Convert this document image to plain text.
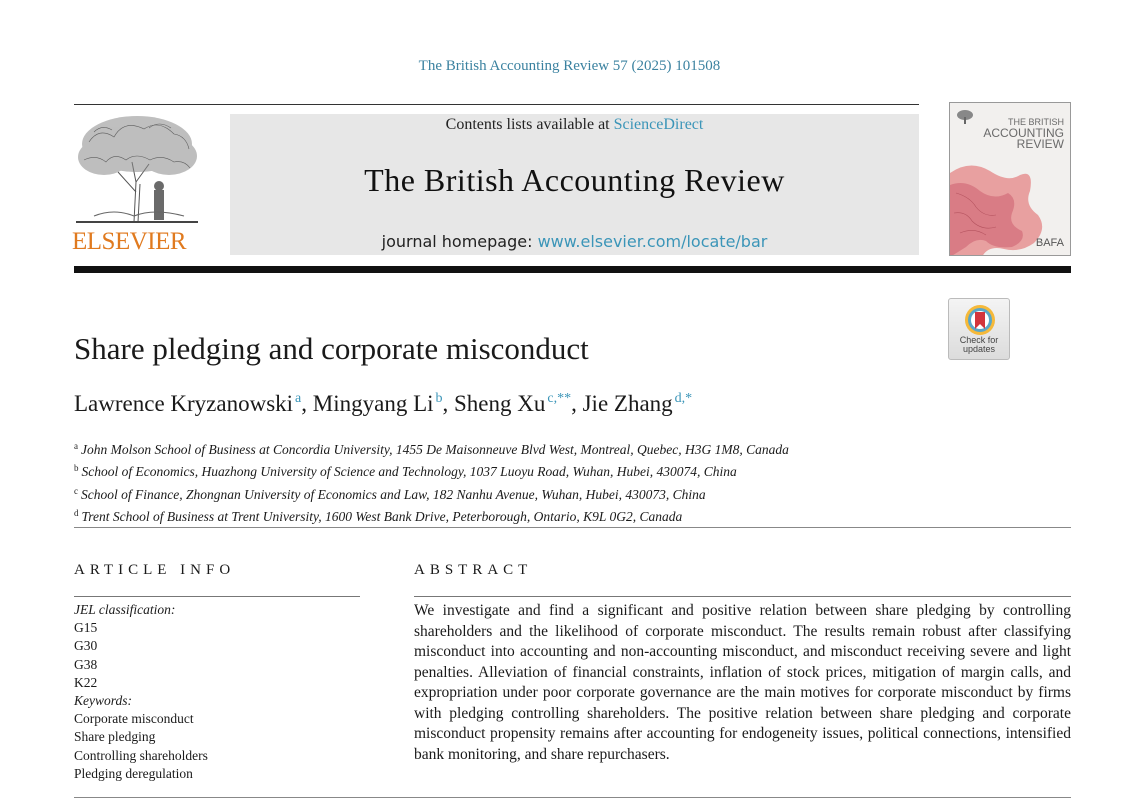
The British Accounting Review 57 (2025) 101508
ELSEVIER
Contents lists available at ScienceDirect
The British Accounting Review
journal homepage: www.elsevier.com/locate/bar
THE BRITISH
ACCOUNTING
REVIEW
BAFA
Check for
updates
Share pledging and corporate misconduct
Lawrence Kryzanowski $^a$, Mingyang Li $^b$, Sheng Xu $^{c,**}$, Jie Zhang $^{d,*}$
$^a$ John Molson School of Business at Concordia University, 1455 De Maisonneuve Blvd West, Montreal, Quebec, H3G 1M8, Canada
$^b$ School of Economics, Huazhong University of Science and Technology, 1037 Luoyu Road, Wuhan, Hubei, 430074, China
$^c$ School of Finance, Zhongnan University of Economics and Law, 182 Nanhu Avenue, Wuhan, Hubei, 430073, China
$^d$ Trent School of Business at Trent University, 1600 West Bank Drive, Peterborough, Ontario, K9L 0G2, Canada
ARTICLE INFO	ABSTRACT
JEL classification:
G15
G30
G38
K22
Keywords:
Corporate misconduct
Share pledging
Controlling shareholders
Pledging deregulation

We investigate and find a significant and positive relation between share pledging by controlling shareholders and the likelihood of corporate misconduct. The results remain robust after classifying misconduct into accounting and non-accounting misconduct, and misconduct receiving severe and light penalties. Alleviation of financial constraints, inflation of stock prices, mitigation of margin calls, and expropriation under poor corporate governance are the main motives for corporate misconduct by firms with pledging controlling shareholders. The positive relation between share pledging and corporate misconduct propensity remains after accounting for endogeneity issues, political connections, intensified bank monitoring, and share repurchasers.
